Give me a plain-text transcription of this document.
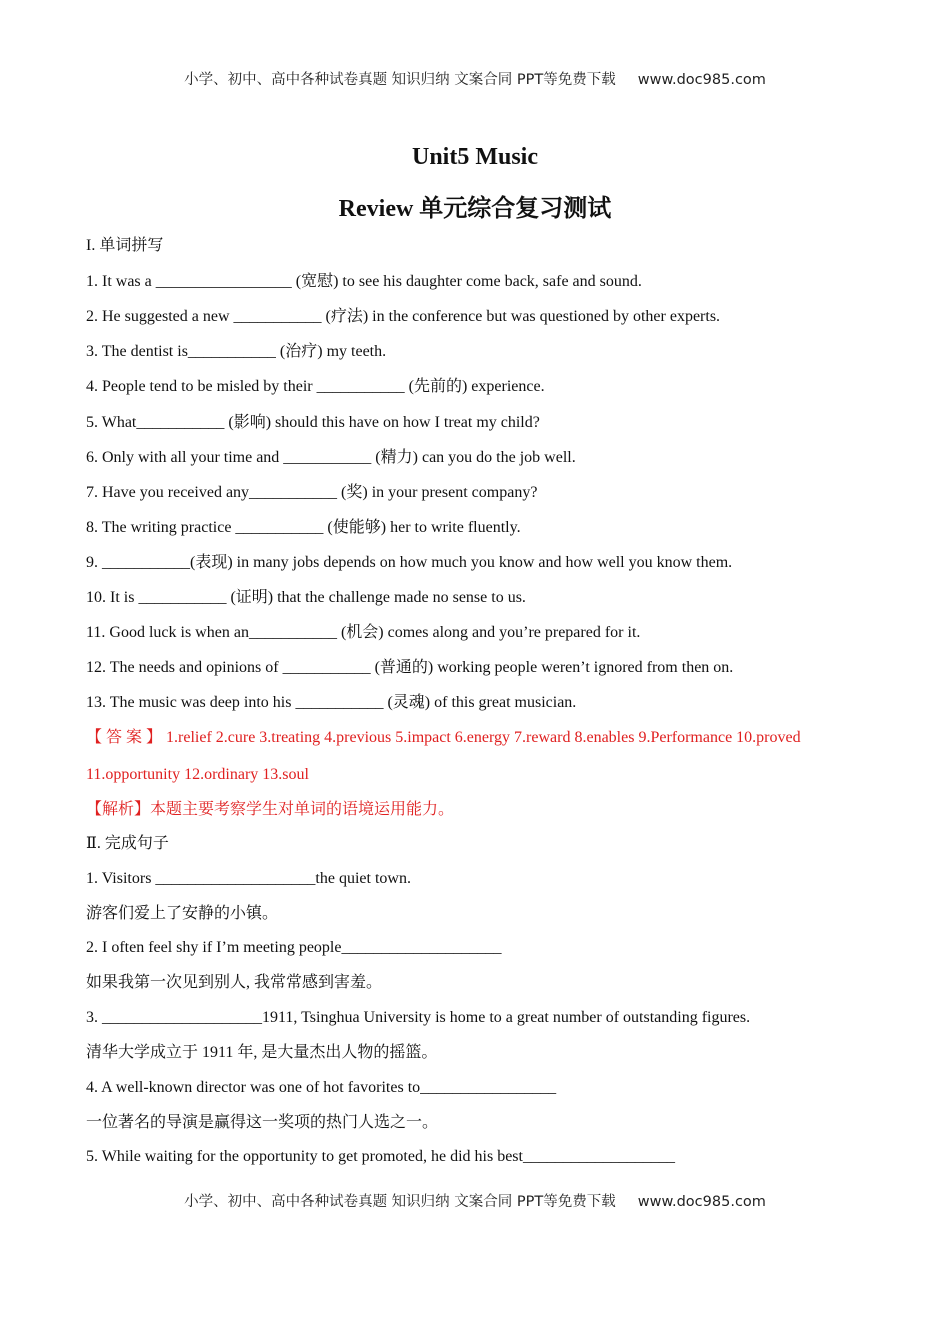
小学、初中、高中各种试卷真题 知识归纳 文案合同 PPT等免费下载 www.doc985.com
Unit5 Music
Review 单元综合复习测试
I. 单词拼写
1. It was a _________________ (宽慰) to see his daughter come back, safe and sound.
2. He suggested a new ___________ (疗法) in the conference but was questioned by other experts.
3. The dentist is___________ (治疗) my teeth.
4. People tend to be misled by their ___________ (先前的) experience.
5. What___________ (影响) should this have on how I treat my child?
6. Only with all your time and ___________ (精力) can you do the job well.
7. Have you received any___________ (奖) in your present company?
8. The writing practice ___________ (使能够) her to write fluently.
9. ___________(表现) in many jobs depends on how much you know and how well you know them.
10. It is ___________ (证明) that the challenge made no sense to us.
11. Good luck is when an___________ (机会) comes along and you’re prepared for it.
12. The needs and opinions of ___________ (普通的) working people weren’t ignored from then on.
13. The music was deep into his ___________ (灵魂) of this great musician.
【 答 案 】 1.relief 2.cure 3.treating 4.previous 5.impact 6.energy 7.reward 8.enables 9.Performance 10.proved
11.opportunity 12.ordinary 13.soul
【解析】本题主要考察学生对单词的语境运用能力。
Ⅱ. 完成句子
1. Visitors ____________________the quiet town.
游客们爱上了安静的小镇。
2. I often feel shy if I’m meeting people____________________
如果我第一次见到别人, 我常常感到害羞。
3. ____________________1911, Tsinghua University is home to a great number of outstanding figures.
清华大学成立于 1911 年, 是大量杰出人物的摇篮。
4. A well-known director was one of hot favorites to_________________
一位著名的导演是赢得这一奖项的热门人选之一。
5. While waiting for the opportunity to get promoted, he did his best___________________
小学、初中、高中各种试卷真题 知识归纳 文案合同 PPT等免费下载 www.doc985.com
